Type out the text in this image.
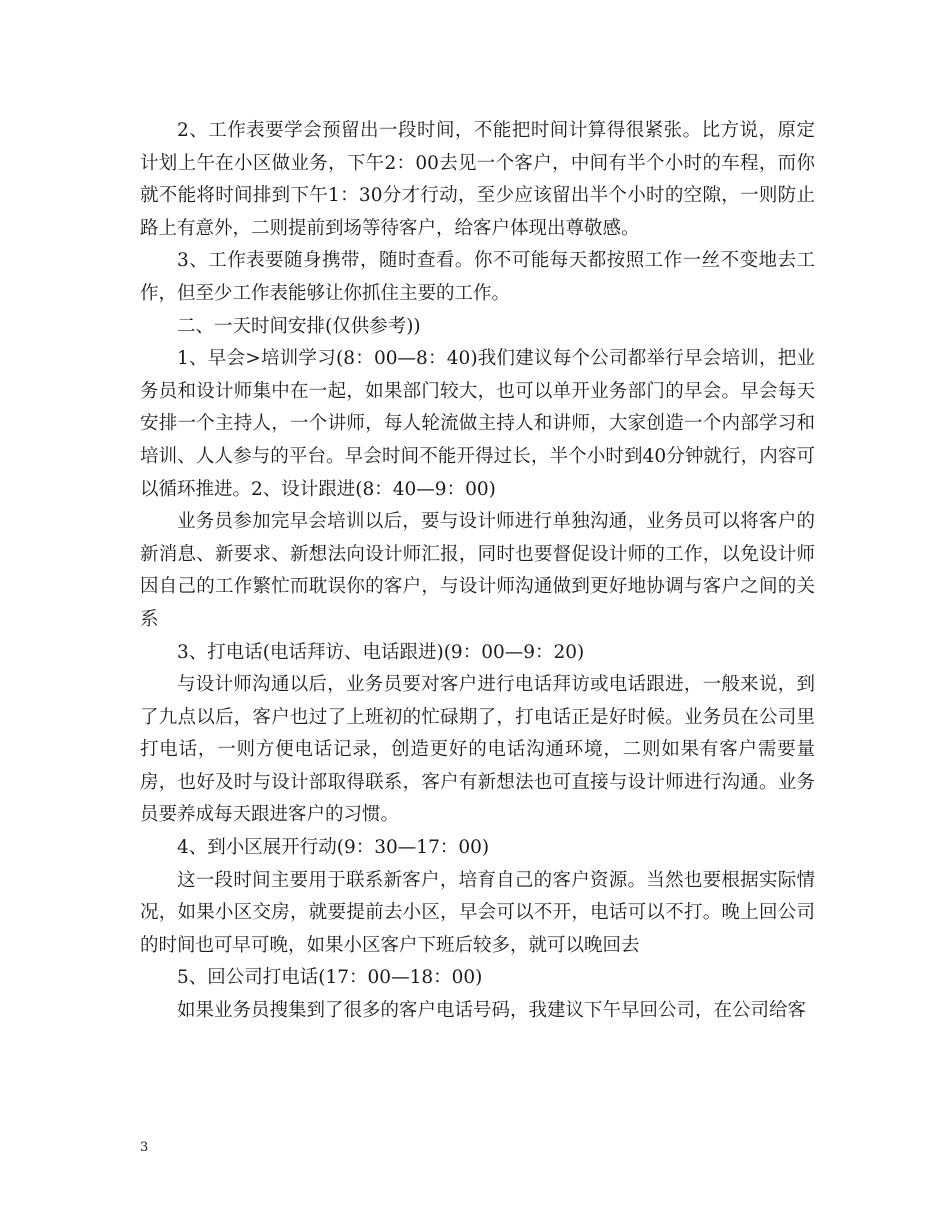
2、工作表要学会预留出一段时间，不能把时间计算得很紧张。比方说，原定计划上午在小区做业务，下午2：00去见一个客户，中间有半个小时的车程，而你就不能将时间排到下午1：30分才行动，至少应该留出半个小时的空隙，一则防止路上有意外，二则提前到场等待客户，给客户体现出尊敬感。

3、工作表要随身携带，随时查看。你不可能每天都按照工作一丝不变地去工作，但至少工作表能够让你抓住主要的工作。

二、一天时间安排(仅供参考))

1、早会>培训学习(8：00—8：40)我们建议每个公司都举行早会培训，把业务员和设计师集中在一起，如果部门较大，也可以单开业务部门的早会。早会每天安排一个主持人，一个讲师，每人轮流做主持人和讲师，大家创造一个内部学习和培训、人人参与的平台。早会时间不能开得过长，半个小时到40分钟就行，内容可以循环推进。2、设计跟进(8：40—9：00)

业务员参加完早会培训以后，要与设计师进行单独沟通，业务员可以将客户的新消息、新要求、新想法向设计师汇报，同时也要督促设计师的工作，以免设计师因自己的工作繁忙而耽误你的客户，与设计师沟通做到更好地协调与客户之间的关系

3、打电话(电话拜访、电话跟进)(9：00—9：20)

与设计师沟通以后，业务员要对客户进行电话拜访或电话跟进，一般来说，到了九点以后，客户也过了上班初的忙碌期了，打电话正是好时候。业务员在公司里打电话，一则方便电话记录，创造更好的电话沟通环境，二则如果有客户需要量房，也好及时与设计部取得联系，客户有新想法也可直接与设计师进行沟通。业务员要养成每天跟进客户的习惯。

4、到小区展开行动(9：30—17：00)

这一段时间主要用于联系新客户，培育自己的客户资源。当然也要根据实际情况，如果小区交房，就要提前去小区，早会可以不开，电话可以不打。晚上回公司的时间也可早可晚，如果小区客户下班后较多，就可以晚回去

5、回公司打电话(17：00—18：00)

如果业务员搜集到了很多的客户电话号码，我建议下午早回公司，在公司给客

3
